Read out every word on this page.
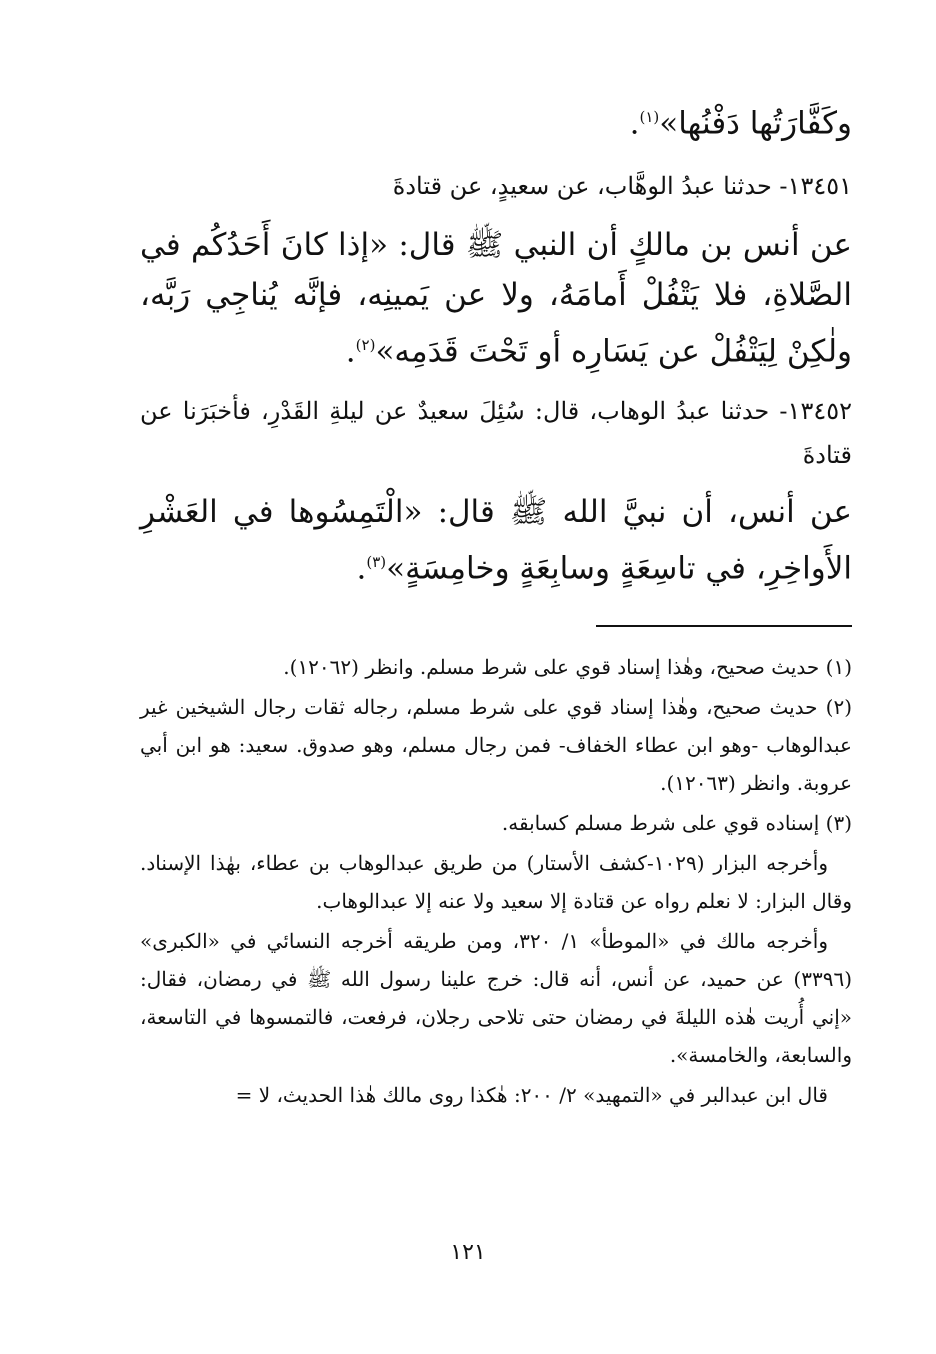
وكَفَّارَتُها دَفْنُها»$^{(١)}$.

١٣٤٥١- حدثنا عبدُ الوهَّاب، عن سعيدٍ، عن قتادةَ

عن أنس بن مالكٍ أن النبي ﷺ قال: «إذا كانَ أَحَدُكُم في الصَّلاةِ، فلا يَتْفُلْ أَمامَهُ، ولا عن يَمينِه، فإنَّه يُناجِي رَبَّه، ولٰكِنْ لِيَتْفُلْ عن يَسَارِه أو تَحْتَ قَدَمِه»$^{(٢)}$.

١٣٤٥٢- حدثنا عبدُ الوهاب، قال: سُئِلَ سعيدٌ عن ليلةِ القَدْرِ، فأخبَرَنا عن قتادةَ

عن أنس، أن نبيَّ الله ﷺ قال: «الْتَمِسُوها في العَشْرِ الأَواخِرِ، في تاسِعَةٍ وسابِعَةٍ وخامِسَةٍ»$^{(٣)}$.

(١) حديث صحيح، وهٰذا إسناد قوي على شرط مسلم. وانظر (١٢٠٦٢).

(٢) حديث صحيح، وهٰذا إسناد قوي على شرط مسلم، رجاله ثقات رجال الشيخين غير عبدالوهاب -وهو ابن عطاء الخفاف- فمن رجال مسلم، وهو صدوق. سعيد: هو ابن أبي عروبة. وانظر (١٢٠٦٣).

(٣) إسناده قوي على شرط مسلم كسابقه.

وأخرجه البزار (١٠٢٩-كشف الأستار) من طريق عبدالوهاب بن عطاء، بهٰذا الإسناد. وقال البزار: لا نعلم رواه عن قتادة إلا سعيد ولا عنه إلا عبدالوهاب.

وأخرجه مالك في «الموطأ» ١/ ٣٢٠، ومن طريقه أخرجه النسائي في «الكبرى» (٣٣٩٦) عن حميد، عن أنس، أنه قال: خرج علينا رسول الله ﷺ في رمضان، فقال: «إني أُريت هٰذه الليلةَ في رمضان حتى تلاحى رجلان، فرفعت، فالتمسوها في التاسعة، والسابعة، والخامسة».

قال ابن عبدالبر في «التمهيد» ٢/ ٢٠٠: هٰكذا روى مالك هٰذا الحديث، لا =

١٢١
